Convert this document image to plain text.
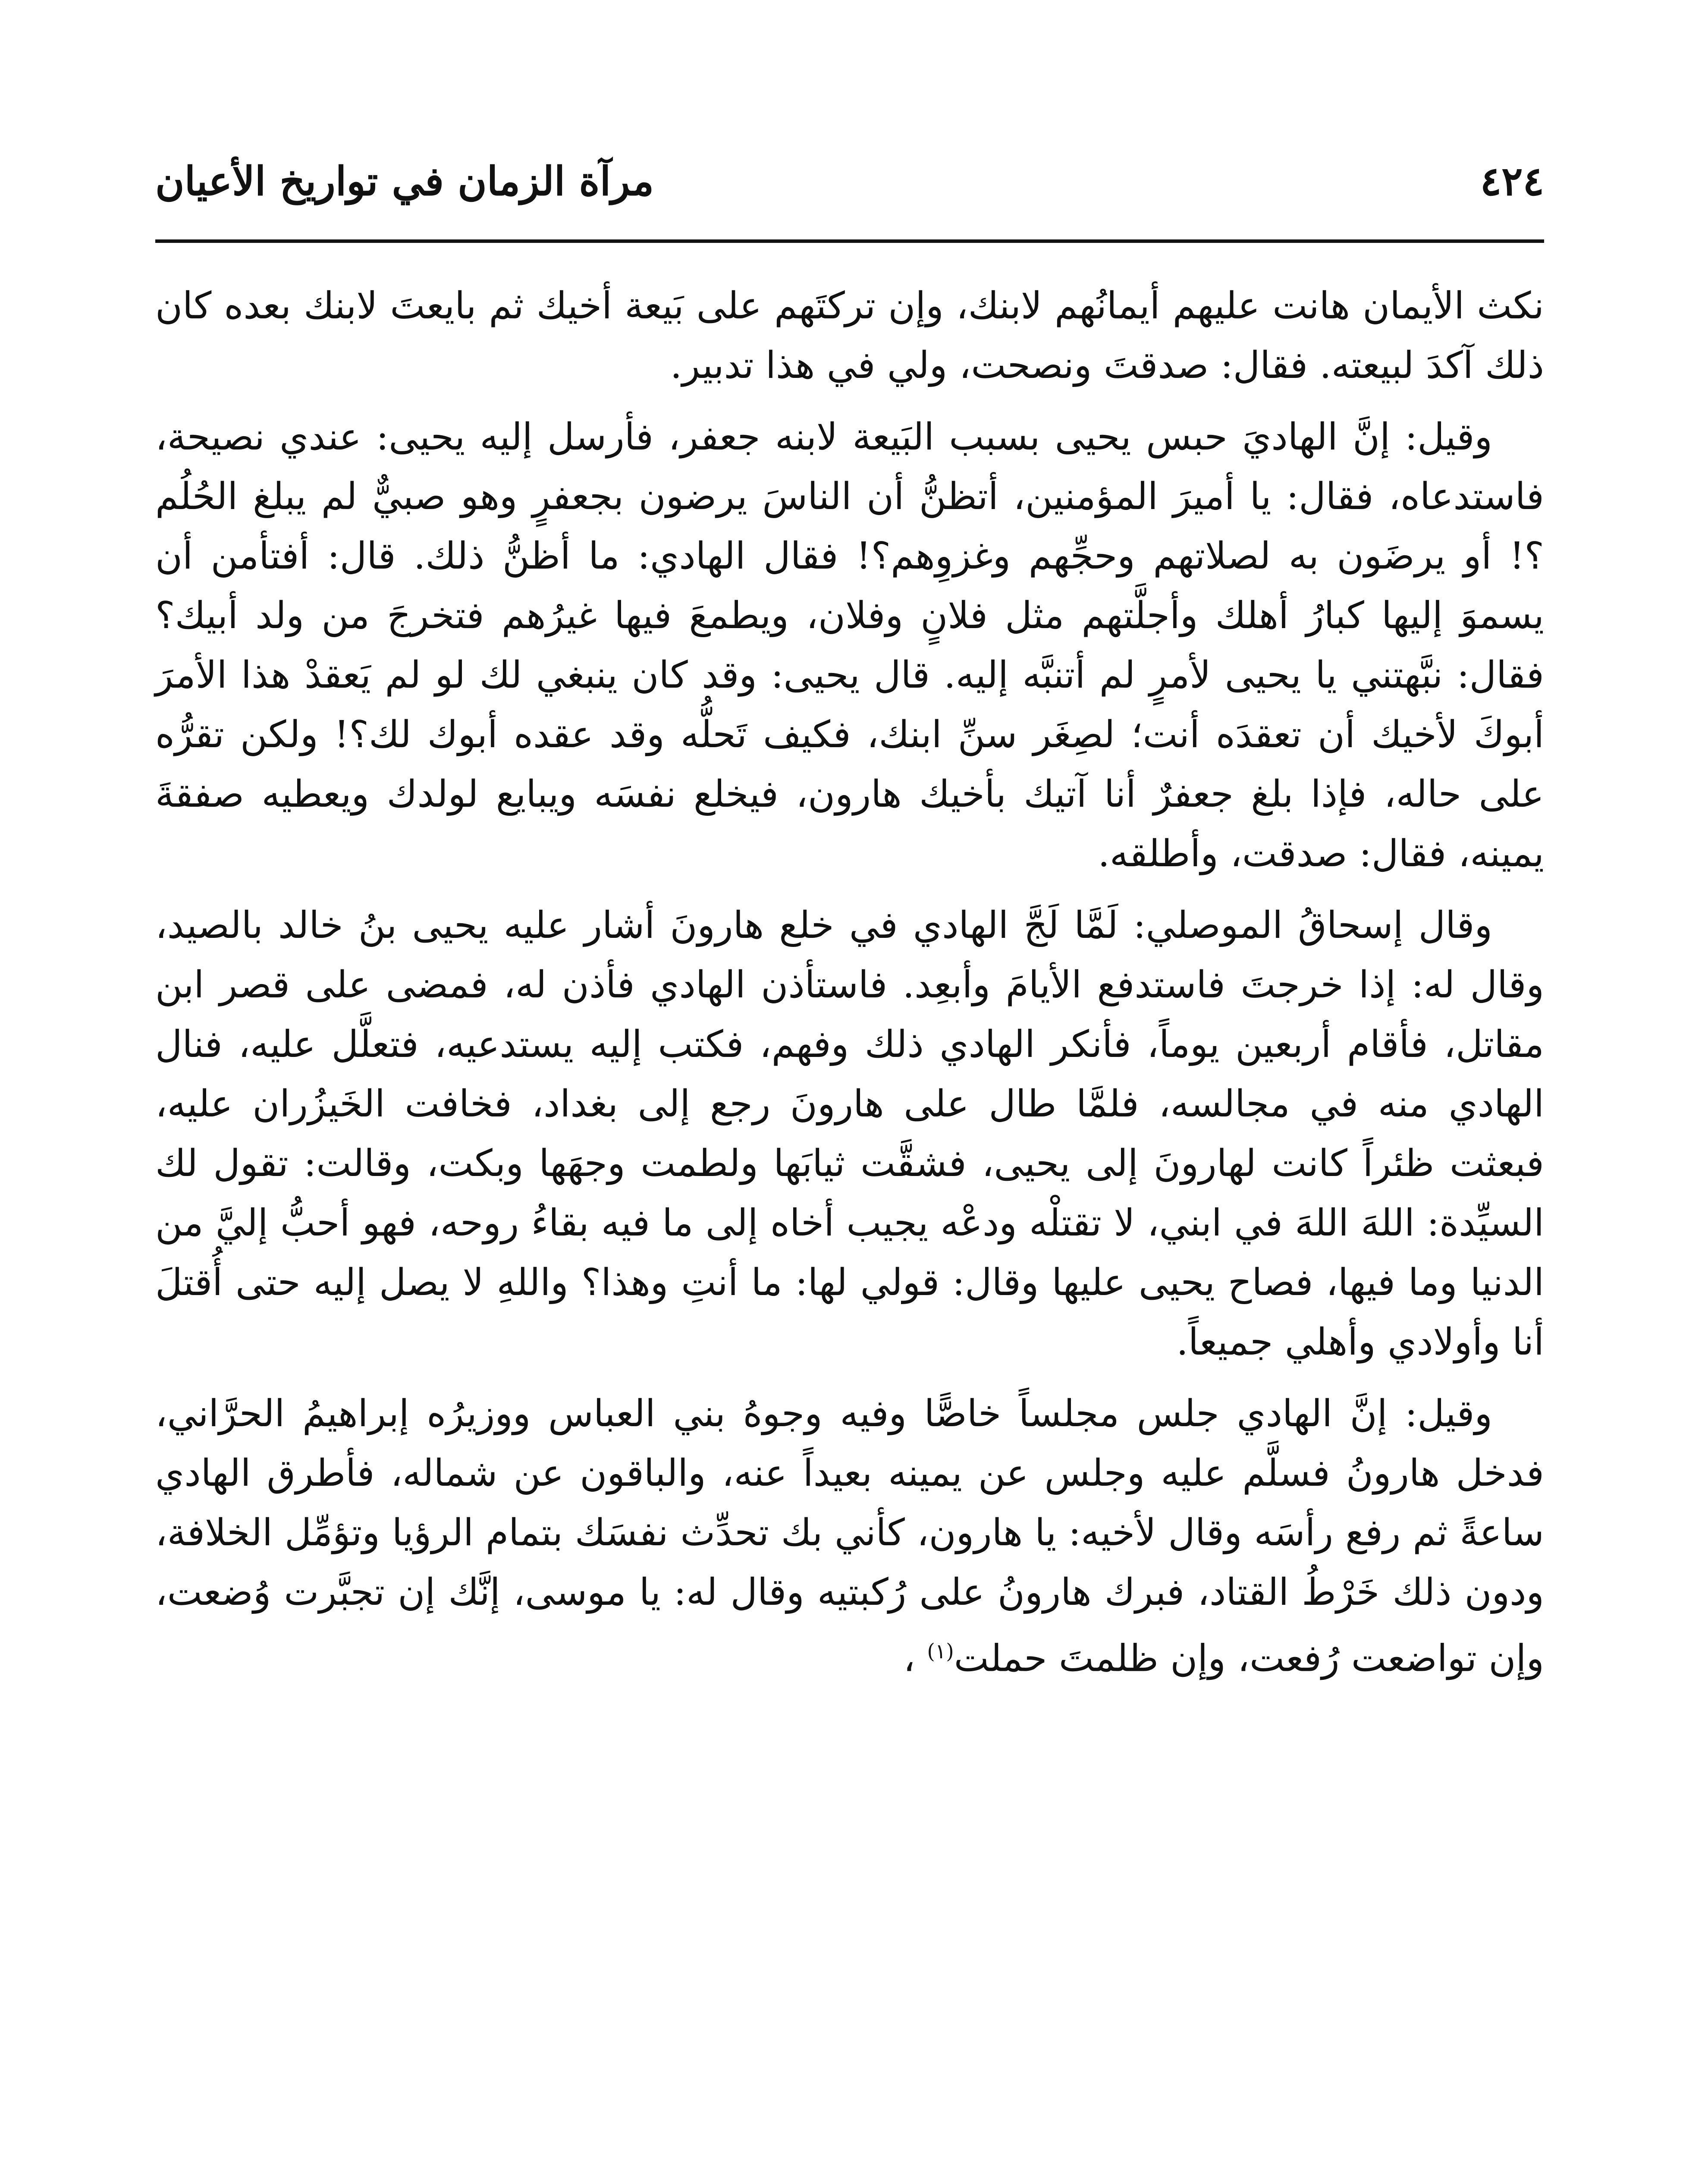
٤٢٤
مرآة الزمان في تواريخ الأعيان

نكث الأيمان هانت عليهم أيمانُهم لابنك، وإن تركتَهم على بَيعة أخيك ثم بايعتَ لابنك بعده كان ذلك آكدَ لبيعته. فقال: صدقتَ ونصحت، ولي في هذا تدبير.

وقيل: إنَّ الهاديَ حبس يحيى بسبب البَيعة لابنه جعفر، فأرسل إليه يحيى: عندي نصيحة، فاستدعاه، فقال: يا أميرَ المؤمنين، أتظنُّ أن الناسَ يرضون بجعفرٍ وهو صبيٌّ لم يبلغ الحُلُم ؟! أو يرضَون به لصلاتهم وحجِّهم وغزوِهم؟! فقال الهادي: ما أظنُّ ذلك. قال: أفتأمن أن يسموَ إليها كبارُ أهلك وأجلَّتهم مثل فلانٍ وفلان، ويطمعَ فيها غيرُهم فتخرجَ من ولد أبيك؟ فقال: نبَّهتني يا يحيى لأمرٍ لم أتنبَّه إليه. قال يحيى: وقد كان ينبغي لك لو لم يَعقدْ هذا الأمرَ أبوكَ لأخيك أن تعقدَه أنت؛ لصِغَر سنِّ ابنك، فكيف تَحلُّه وقد عقده أبوك لك؟! ولكن تقرُّه على حاله، فإذا بلغ جعفرٌ أنا آتيك بأخيك هارون، فيخلع نفسَه ويبايع لولدك ويعطيه صفقةَ يمينه، فقال: صدقت، وأطلقه.

وقال إسحاقُ الموصلي: لَمَّا لَجَّ الهادي في خلع هارونَ أشار عليه يحيى بنُ خالد بالصيد، وقال له: إذا خرجتَ فاستدفع الأيامَ وأبعِد. فاستأذن الهادي فأذن له، فمضى على قصر ابن مقاتل، فأقام أربعين يوماً، فأنكر الهادي ذلك وفهم، فكتب إليه يستدعيه، فتعلَّل عليه، فنال الهادي منه في مجالسه، فلمَّا طال على هارونَ رجع إلى بغداد، فخافت الخَيزُران عليه، فبعثت ظئراً كانت لهارونَ إلى يحيى، فشقَّت ثيابَها ولطمت وجهَها وبكت، وقالت: تقول لك السيِّدة: اللهَ اللهَ في ابني، لا تقتلْه ودعْه يجيب أخاه إلى ما فيه بقاءُ روحه، فهو أحبُّ إليَّ من الدنيا وما فيها، فصاح يحيى عليها وقال: قولي لها: ما أنتِ وهذا؟ واللهِ لا يصل إليه حتى أُقتلَ أنا وأولادي وأهلي جميعاً.

وقيل: إنَّ الهادي جلس مجلساً خاصًّا وفيه وجوهُ بني العباس ووزيرُه إبراهيمُ الحرَّاني، فدخل هارونُ فسلَّم عليه وجلس عن يمينه بعيداً عنه، والباقون عن شماله، فأطرق الهادي ساعةً ثم رفع رأسَه وقال لأخيه: يا هارون، كأني بك تحدِّث نفسَك بتمام الرؤيا وتؤمِّل الخلافة، ودون ذلك خَرْطُ القتاد، فبرك هارونُ على رُكبتيه وقال له: يا موسى، إنَّك إن تجبَّرت وُضعت، وإن تواضعت رُفعت، وإن ظلمتَ حملت$^{(١)}$ ،
